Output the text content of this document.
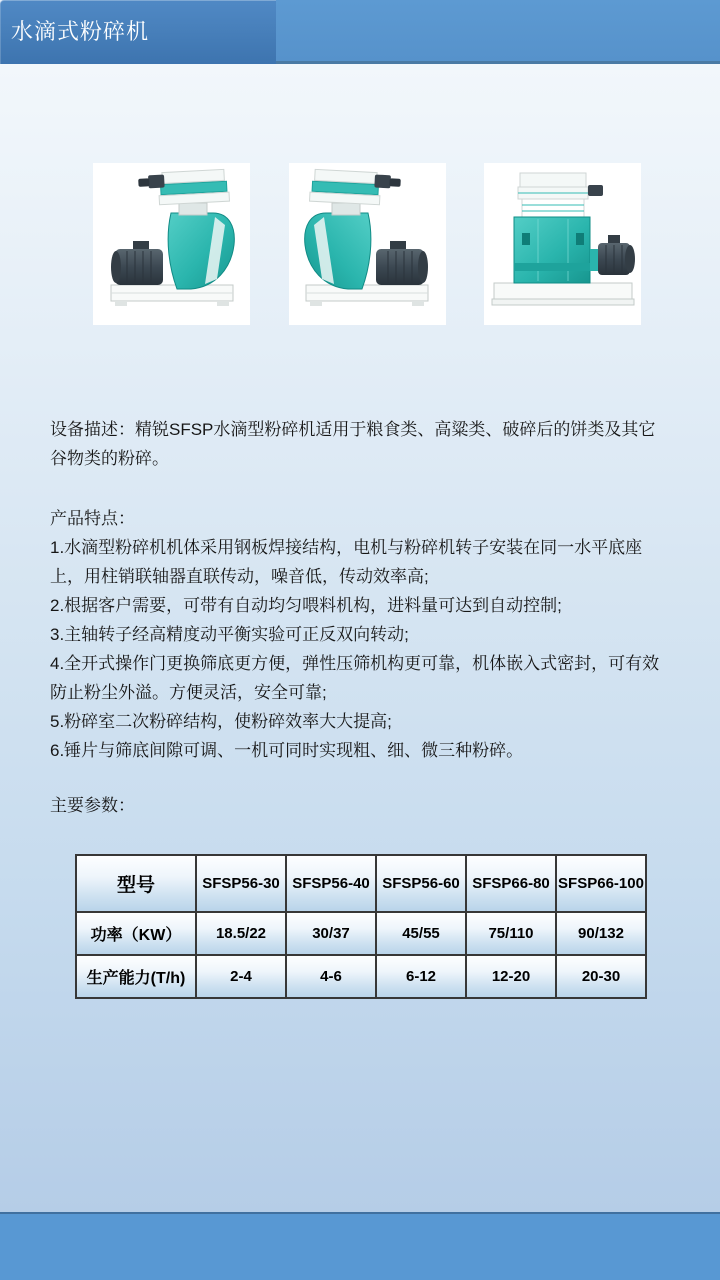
水滴式粉碎机
设备描述：精锐SFSP水滴型粉碎机适用于粮食类、高粱类、破碎后的饼类及其它谷物类的粉碎。
产品特点：
1.水滴型粉碎机机体采用钢板焊接结构，电机与粉碎机转子安装在同一水平底座上，用柱销联轴器直联传动，噪音低，传动效率高;
2.根据客户需要，可带有自动均匀喂料机构，进料量可达到自动控制;
3.主轴转子经高精度动平衡实验可正反双向转动;
4.全开式操作门更换筛底更方便，弹性压筛机构更可靠，机体嵌入式密封，可有效防止粉尘外溢。方便灵活，安全可靠;
5.粉碎室二次粉碎结构，使粉碎效率大大提高;
6.锤片与筛底间隙可调、一机可同时实现粗、细、微三种粉碎。
主要参数：
型号	SFSP56-30	SFSP56-40	SFSP56-60	SFSP66-80	SFSP66-100
功率（KW）	18.5/22	30/37	45/55	75/110	90/132
生产能力(T/h)	2-4	4-6	6-12	12-20	20-30
